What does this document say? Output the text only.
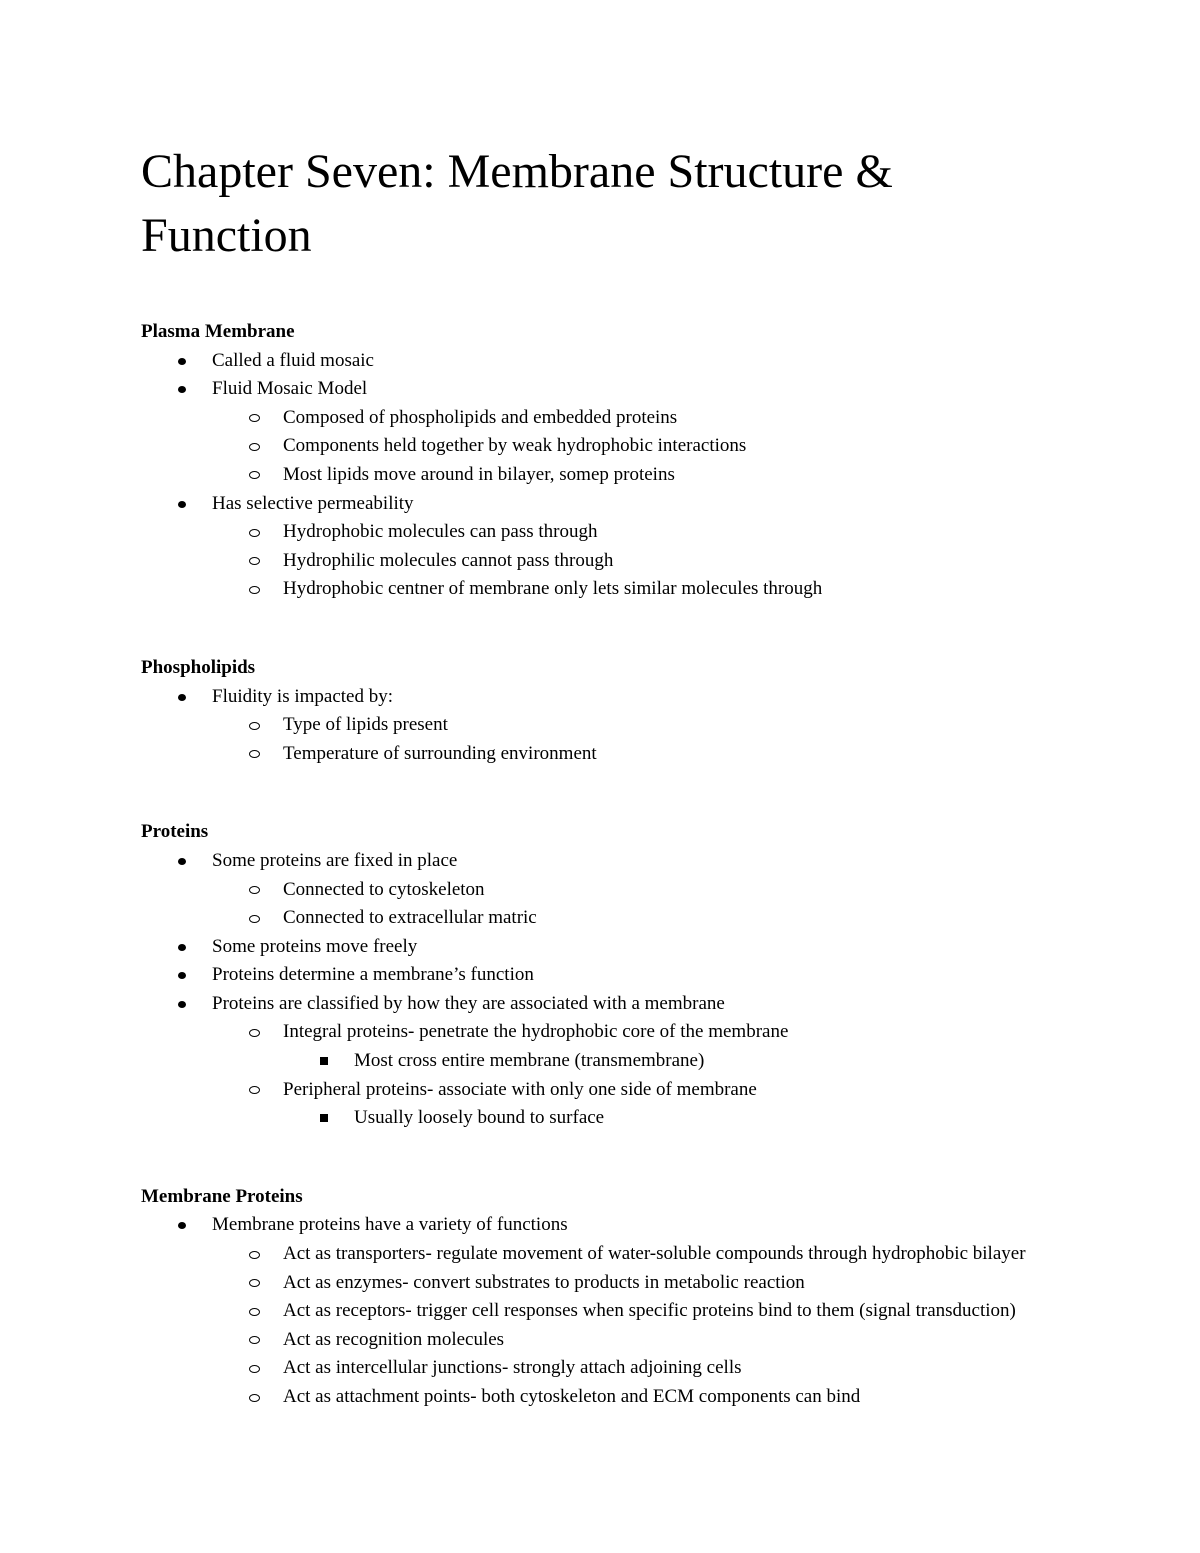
Chapter Seven: Membrane Structure & Function
Plasma Membrane
Called a fluid mosaic
Fluid Mosaic Model
Composed of phospholipids and embedded proteins
Components held together by weak hydrophobic interactions
Most lipids move around in bilayer, somep proteins
Has selective permeability
Hydrophobic molecules can pass through
Hydrophilic molecules cannot pass through
Hydrophobic centner of membrane only lets similar molecules through
Phospholipids
Fluidity is impacted by:
Type of lipids present
Temperature of surrounding environment
Proteins
Some proteins are fixed in place
Connected to cytoskeleton
Connected to extracellular matric
Some proteins move freely
Proteins determine a membrane’s function
Proteins are classified by how they are associated with a membrane
Integral proteins- penetrate the hydrophobic core of the membrane
Most cross entire membrane (transmembrane)
Peripheral proteins- associate with only one side of membrane
Usually loosely bound to surface
Membrane Proteins
Membrane proteins have a variety of functions
Act as transporters- regulate movement of water-soluble compounds through hydrophobic bilayer
Act as enzymes- convert substrates to products in metabolic reaction
Act as receptors- trigger cell responses when specific proteins bind to them (signal transduction)
Act as recognition molecules
Act as intercellular junctions- strongly attach adjoining cells
Act as attachment points- both cytoskeleton and ECM components can bind
